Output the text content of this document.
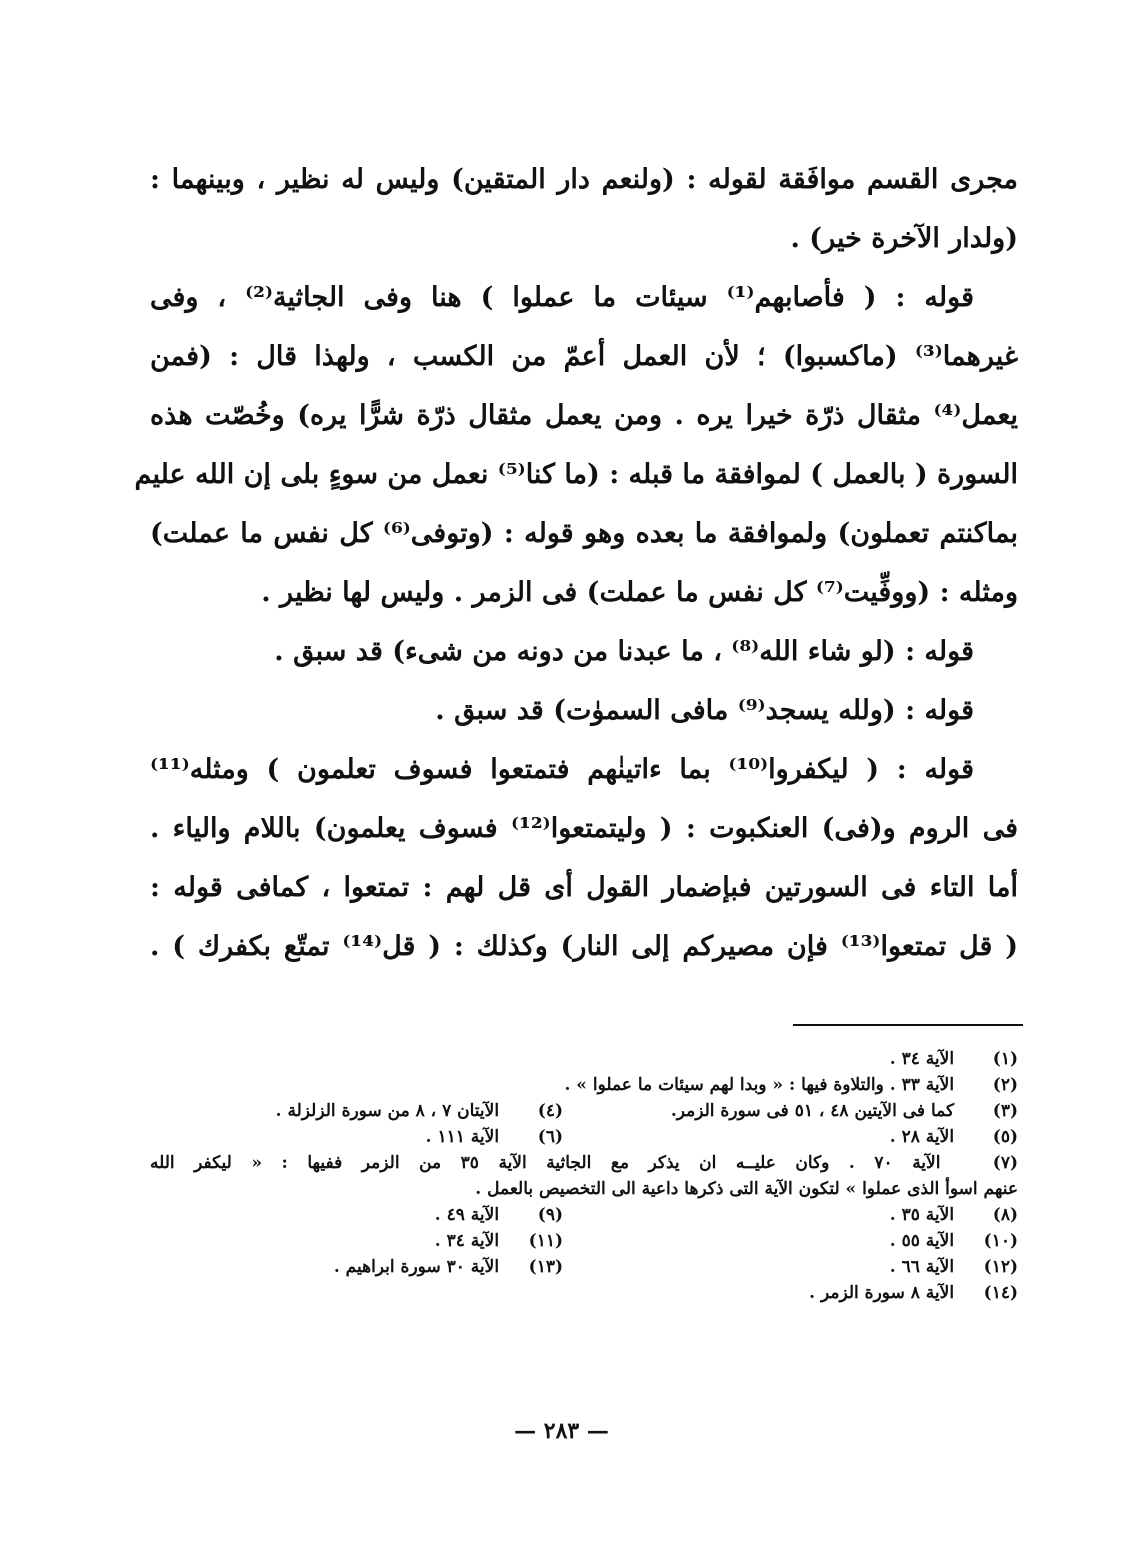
مجرى القسم موافَقة لقوله : (ولنعم دار المتقين) وليس له نظير ، وبينهما :
(ولدار الآخرة خير) .
قوله : ( فأصابهم⁽¹⁾ سيئات ما عملوا ) هنا وفى الجاثية⁽²⁾ ، وفى
غيرهما⁽³⁾ (ماكسبوا) ؛ لأن العمل أعمّ من الكسب ، ولهذا قال : (فمن
يعمل⁽⁴⁾ مثقال ذرّة خيرا يره . ومن يعمل مثقال ذرّة شرًّا يره) وخُصّت هذه
السورة ( بالعمل ) لموافقة ما قبله : (ما كنا⁽⁵⁾ نعمل من سوءٍ بلى إن الله عليم
بماكنتم تعملون) ولموافقة ما بعده وهو قوله : (وتوفى⁽⁶⁾ كل نفس ما عملت)
ومثله : (ووفِّيت⁽⁷⁾ كل نفس ما عملت) فى الزمر . وليس لها نظير .
قوله : (لو شاء الله⁽⁸⁾ ، ما عبدنا من دونه من شىء) قد سبق .
قوله : (ولله يسجد⁽⁹⁾ مافى السموٰت) قد سبق .
قوله : ( ليكفروا⁽¹⁰⁾ بما ءاتينٰهم فتمتعوا فسوف تعلمون ) ومثله⁽¹¹⁾
فى الروم و(فى) العنكبوت : ( وليتمتعوا⁽¹²⁾ فسوف يعلمون) باللام والياء .
أما التاء فى السورتين فبإضمار القول أى قل لهم : تمتعوا ، كمافى قوله :
( قل تمتعوا⁽¹³⁾ فإن مصيركم إلى النار) وكذلك : ( قل⁽¹⁴⁾ تمتّع بكفرك ) .
(١) الآية ٣٤ .
(٢) الآية ٣٣ . والتلاوة فيها : « وبدا لهم سيئات ما عملوا » .
(٣) كما فى الآيتين ٤٨ ، ٥١ فى سورة الزمر.
(٤) الآيتان ٧ ، ٨ من سورة الزلزلة .
(٥) الآية ٢٨ .
(٦) الآية ١١١ .
(٧) الآية ٧٠ . وكان عليــه ان يذكر مع الجاثية الآية ٣٥ من الزمر ففيها : « ليكفر الله
عنهم اسوأ الذى عملوا » لتكون الآية التى ذكرها داعية الى التخصيص بالعمل .
(٨) الآية ٣٥ .
(٩) الآية ٤٩ .
(١٠) الآية ٥٥ .
(١١) الآية ٣٤ .
(١٢) الآية ٦٦ .
(١٣) الآية ٣٠ سورة ابراهيم .
(١٤) الآية ٨ سورة الزمر .
— ٢٨٣ —
